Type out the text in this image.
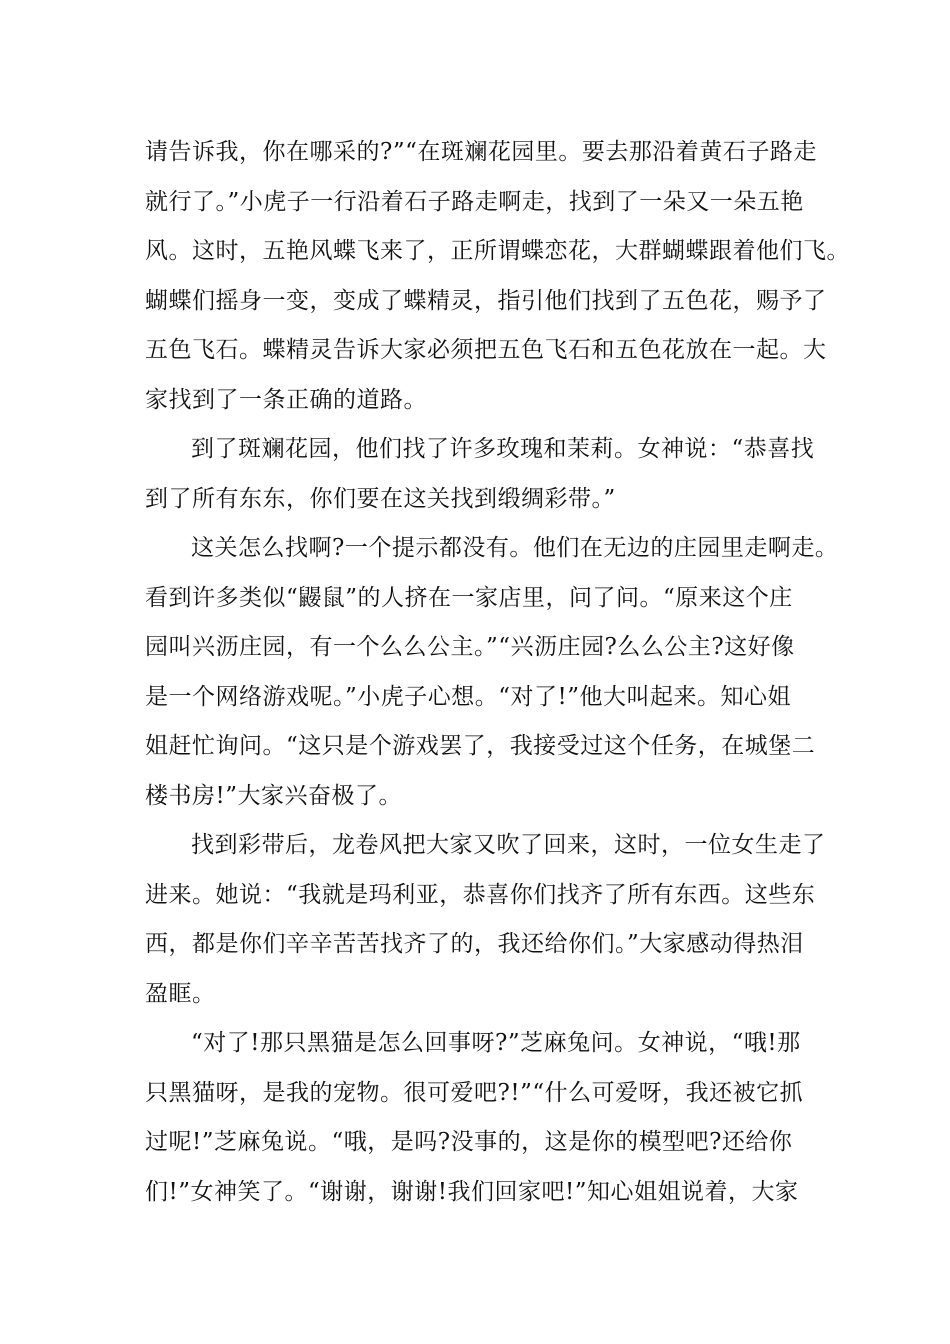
请告诉我，你在哪采的?”“在斑斓花园里。要去那沿着黄石子路走
就行了。”小虎子一行沿着石子路走啊走，找到了一朵又一朵五艳
风。这时，五艳风蝶飞来了，正所谓蝶恋花，大群蝴蝶跟着他们飞。
蝴蝶们摇身一变，变成了蝶精灵，指引他们找到了五色花，赐予了
五色飞石。蝶精灵告诉大家必须把五色飞石和五色花放在一起。大
家找到了一条正确的道路。
到了斑斓花园，他们找了许多玫瑰和茉莉。女神说：“恭喜找
到了所有东东，你们要在这关找到缎绸彩带。”
这关怎么找啊?一个提示都没有。他们在无边的庄园里走啊走。
看到许多类似“鼹鼠”的人挤在一家店里，问了问。“原来这个庄
园叫兴沥庄园，有一个么么公主。”“兴沥庄园?么么公主?这好像
是一个网络游戏呢。”小虎子心想。“对了!”他大叫起来。知心姐
姐赶忙询问。“这只是个游戏罢了，我接受过这个任务，在城堡二
楼书房!”大家兴奋极了。
找到彩带后，龙卷风把大家又吹了回来，这时，一位女生走了
进来。她说：“我就是玛利亚，恭喜你们找齐了所有东西。这些东
西，都是你们辛辛苦苦找齐了的，我还给你们。”大家感动得热泪
盈眶。
“对了!那只黑猫是怎么回事呀?”芝麻兔问。女神说，“哦!那
只黑猫呀，是我的宠物。很可爱吧?!”“什么可爱呀，我还被它抓
过呢!”芝麻兔说。“哦，是吗?没事的，这是你的模型吧?还给你
们!”女神笑了。“谢谢，谢谢!我们回家吧!”知心姐姐说着，大家
